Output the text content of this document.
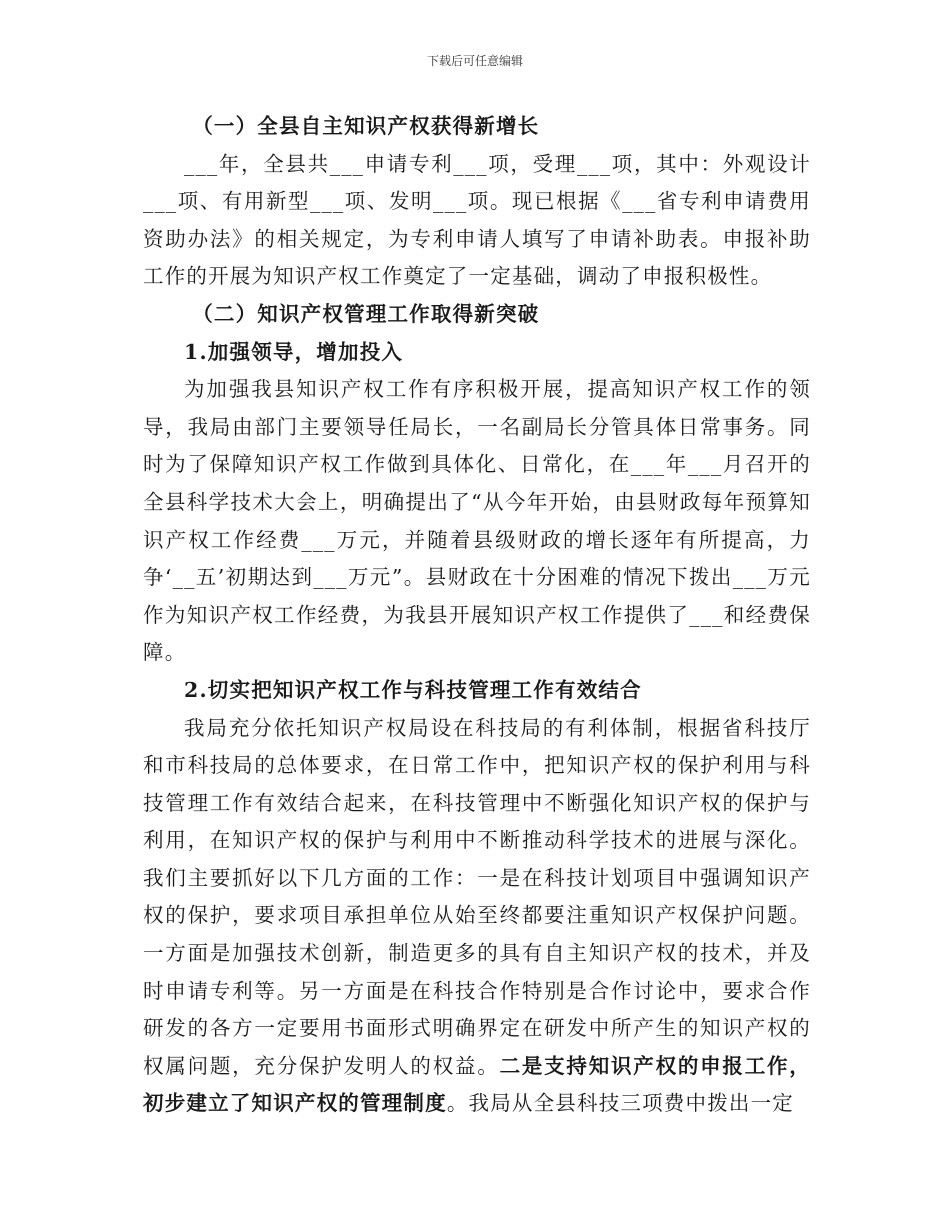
下载后可任意编辑

（一）全县自主知识产权获得新增长

___年，全县共___申请专利___项，受理___项，其中：外观设计___项、有用新型___项、发明___项。现已根据《___省专利申请费用资助办法》的相关规定，为专利申请人填写了申请补助表。申报补助工作的开展为知识产权工作奠定了一定基础，调动了申报积极性。

（二）知识产权管理工作取得新突破

1.加强领导，增加投入

为加强我县知识产权工作有序积极开展，提高知识产权工作的领导，我局由部门主要领导任局长，一名副局长分管具体日常事务。同时为了保障知识产权工作做到具体化、日常化，在___年___月召开的全县科学技术大会上，明确提出了“从今年开始，由县财政每年预算知识产权工作经费___万元，并随着县级财政的增长逐年有所提高，力争‘__五’初期达到___万元”。县财政在十分困难的情况下拨出___万元作为知识产权工作经费，为我县开展知识产权工作提供了___和经费保障。

2.切实把知识产权工作与科技管理工作有效结合

我局充分依托知识产权局设在科技局的有利体制，根据省科技厅和市科技局的总体要求，在日常工作中，把知识产权的保护利用与科技管理工作有效结合起来，在科技管理中不断强化知识产权的保护与利用，在知识产权的保护与利用中不断推动科学技术的进展与深化。我们主要抓好以下几方面的工作：一是在科技计划项目中强调知识产权的保护，要求项目承担单位从始至终都要注重知识产权保护问题。一方面是加强技术创新，制造更多的具有自主知识产权的技术，并及时申请专利等。另一方面是在科技合作特别是合作讨论中，要求合作研发的各方一定要用书面形式明确界定在研发中所产生的知识产权的权属问题，充分保护发明人的权益。二是支持知识产权的申报工作，初步建立了知识产权的管理制度。我局从全县科技三项费中拨出一定
